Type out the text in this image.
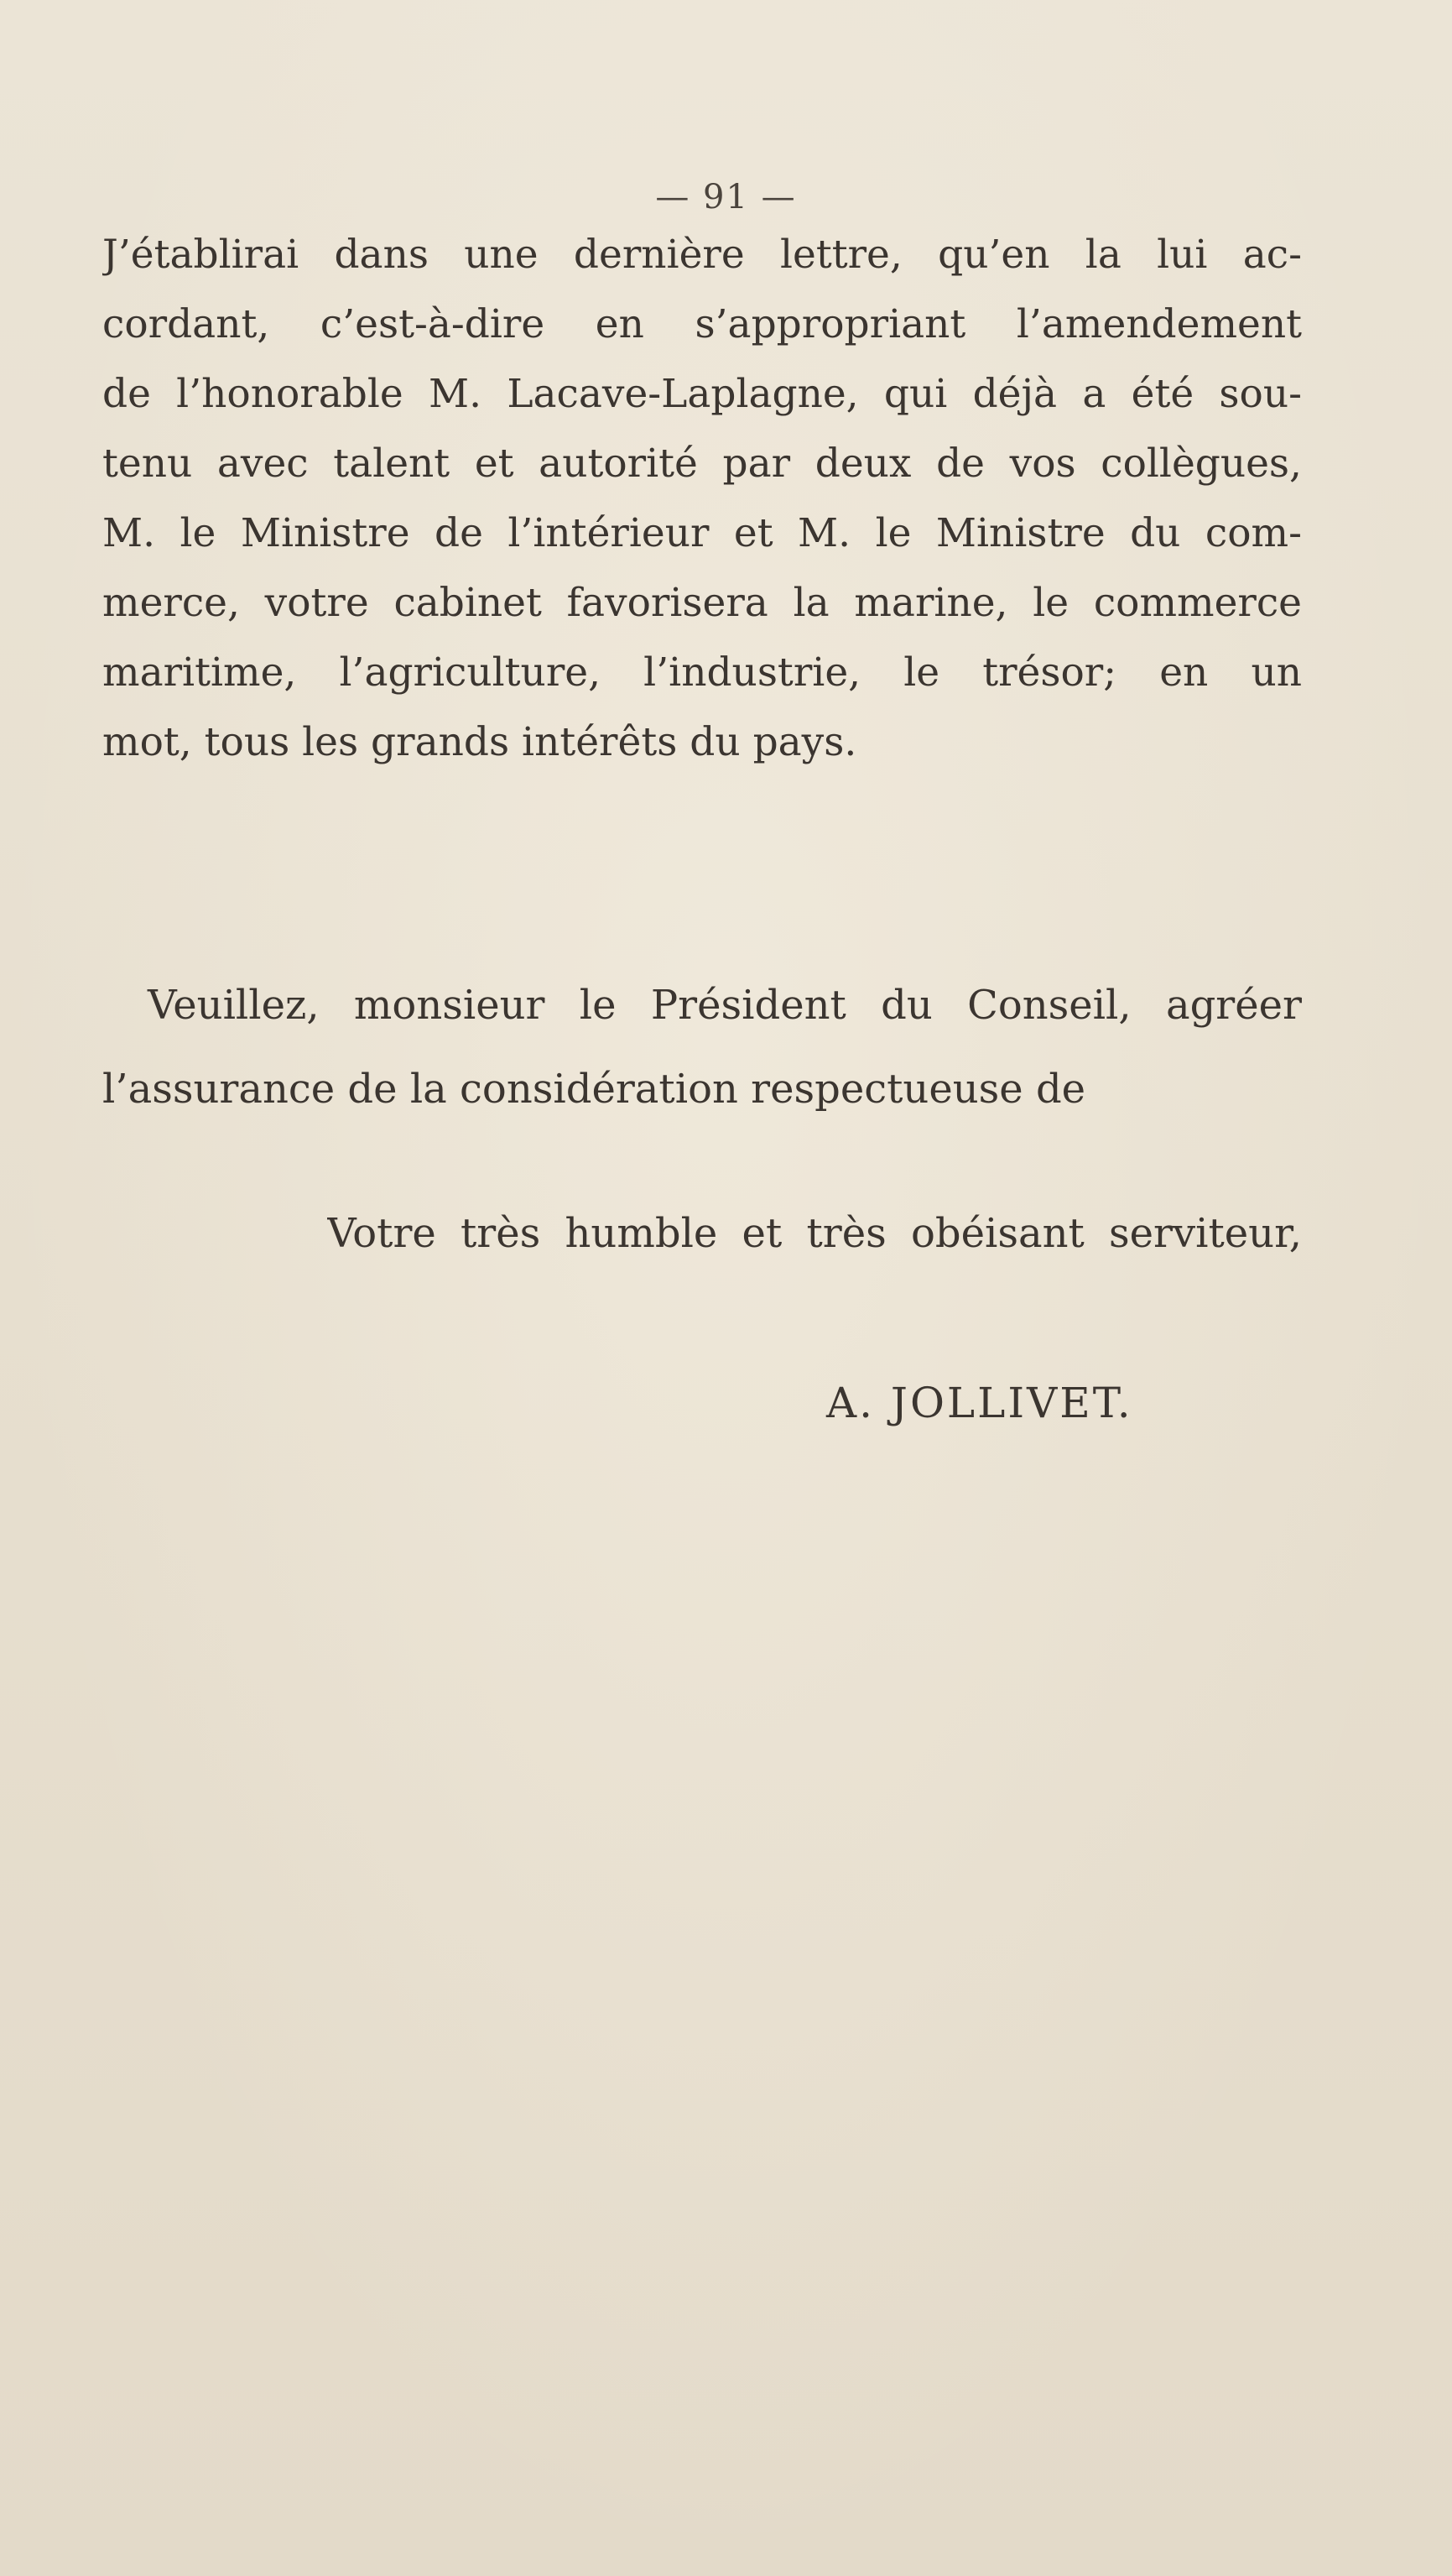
— 91 —
J’établirai dans une dernière lettre, qu’en la lui ac-
cordant, c’est-à-dire en s’appropriant l’amendement
de l’honorable M. Lacave-Laplagne, qui déjà a été sou-
tenu avec talent et autorité par deux de vos collègues,
M. le Ministre de l’intérieur et M. le Ministre du com-
merce, votre cabinet favorisera la marine, le commerce
maritime, l’agriculture, l’industrie, le trésor; en un
mot, tous les grands intérêts du pays.
Veuillez, monsieur le Président du Conseil, agréer
l’assurance de la considération respectueuse de
Votre très humble et très obéisant serviteur,
A. JOLLIVET.
